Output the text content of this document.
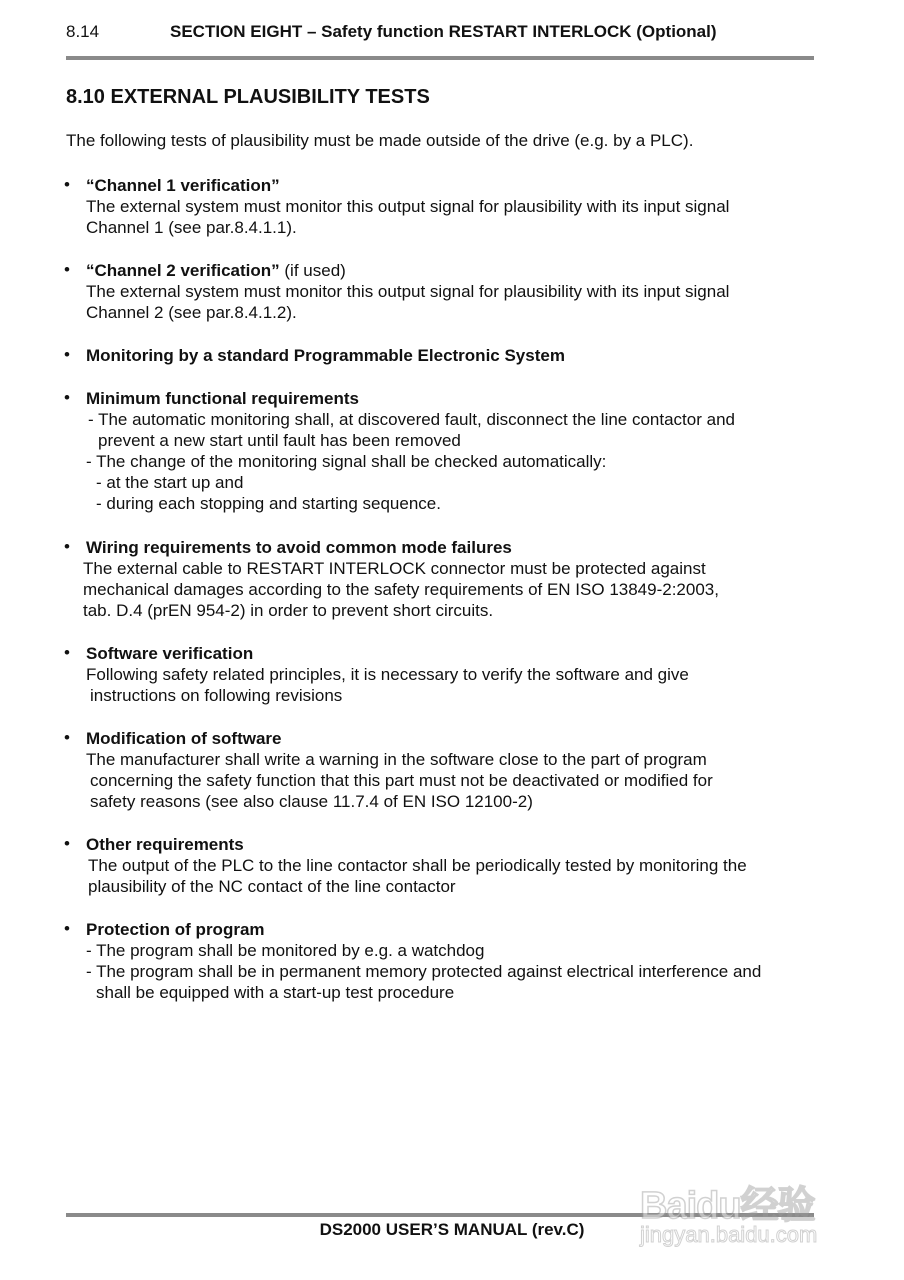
8.14	SECTION EIGHT – Safety function RESTART INTERLOCK (Optional)
8.10 EXTERNAL PLAUSIBILITY TESTS
The following tests of plausibility must be made outside of the drive (e.g. by a PLC).
• “Channel 1 verification”
The external system must monitor this output signal for plausibility with its input signal
Channel 1 (see par.8.4.1.1).
• “Channel 2 verification” (if used)
The external system must monitor this output signal for plausibility with its input signal
Channel 2 (see par.8.4.1.2).
• Monitoring by a standard Programmable Electronic System
• Minimum functional requirements
- The automatic monitoring shall, at discovered fault, disconnect the line contactor and
prevent a new start until fault has been removed
- The change of the monitoring signal shall be checked automatically:
- at the start up and
- during each stopping and starting sequence.
• Wiring requirements to avoid common mode failures
The external cable to RESTART INTERLOCK connector must be protected against
mechanical damages according to the safety requirements of EN ISO 13849-2:2003,
tab. D.4 (prEN 954-2) in order to prevent short circuits.
• Software verification
Following safety related principles, it is necessary to verify the software and give
instructions on following revisions
• Modification of software
The manufacturer shall write a warning in the software close to the part of program
concerning the safety function that this part must not be deactivated or modified for
safety reasons (see also clause 11.7.4 of EN ISO 12100-2)
• Other requirements
The output of the PLC to the line contactor shall be periodically tested by monitoring the
plausibility of the NC contact of the line contactor
• Protection of program
- The program shall be monitored by e.g. a watchdog
- The program shall be in permanent memory protected against electrical interference and
shall be equipped with a start-up test procedure
DS2000 USER’S MANUAL (rev.C)
Baidu经验
jingyan.baidu.com
